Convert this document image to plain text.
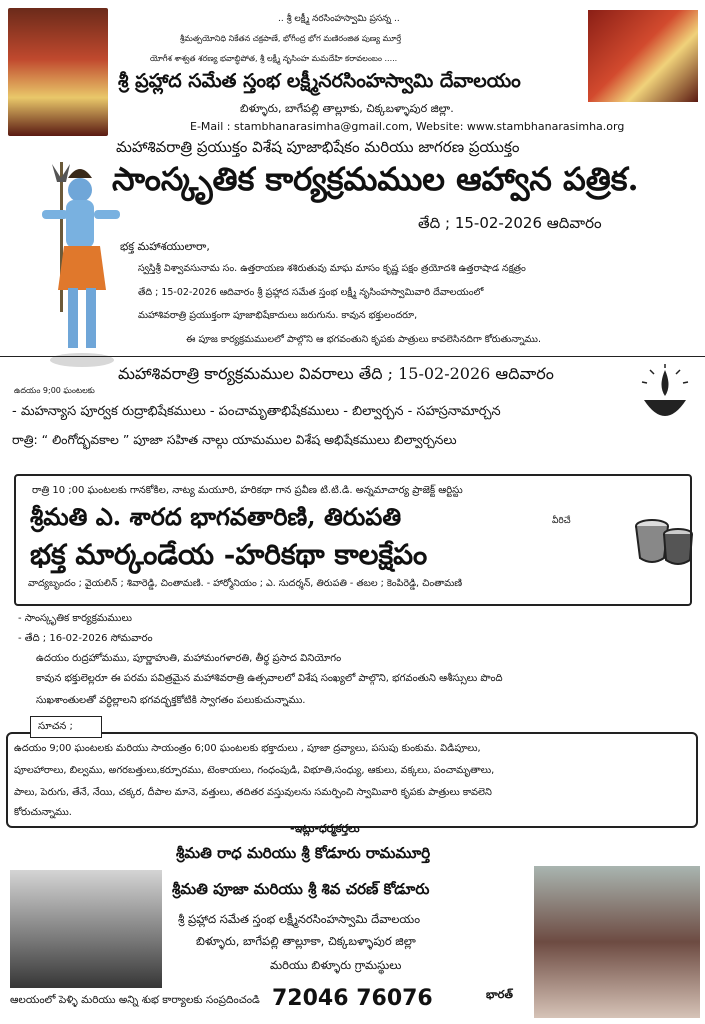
.. శ్రీ లక్ష్మీ నరసింహస్వామి ప్రసన్న ..
శ్రీమత్పయోనిధి నికేతన చక్రపాణే, భోగీంద్ర భోగ మణిరంజిత పుణ్య మూర్తే
యోగీశ శాశ్వత శరణ్య భవాబ్ధిపోత, శ్రీ లక్ష్మీ నృసింహ మమదేహి కరావలంబం .....
శ్రీ ప్రహ్లాద సమేత స్తంభ లక్ష్మీనరసింహస్వామి దేవాలయం
బిళ్ళూరు, బాగేపల్లి తాల్లూకు, చిక్కబళ్ళాపుర జిల్లా.
E-Mail : stambhanarasimha@gmail.com, Website: www.stambhanarasimha.org
మహాశివరాత్రి ప్రయుక్తం విశేష పూజాభిషేకం మరియు జాగరణ ప్రయుక్తం
సాంస్కృతిక కార్యక్రమముల ఆహ్వాన పత్రిక.
తేది ; 15-02-2026 ఆదివారం
భక్త మహాశయులారా,
స్వస్తిశ్రీ విశ్వావసునామ సం. ఉత్తరాయణ శశిరుతువు మాఘ మాసం కృష్ణ పక్షం త్రయోదశి ఉత్తరాషాడ నక్షత్రం
తేది ; 15-02-2026 ఆదివారం శ్రీ ప్రహ్లాద సమేత స్తంభ లక్ష్మీ నృసింహస్వామివారి దేవాలయంలో
మహాశివరాత్రి ప్రయుక్తంగా పూజాభిషేకాదులు జరుగును. కావున భక్తులందరూ,
ఈ పూజ కార్యక్రమములలో పాల్గొని ఆ భగవంతుని కృపకు పాత్రులు కావలెసినదిగా కోరుతున్నాము.
మహాశివరాత్రి కార్యక్రమముల వివరాలు తేది ; 15-02-2026 ఆదివారం
ఉదయం 9;00 ఘంటలకు
- మహన్యాస పూర్వక రుద్రాభిషేకములు - పంచామృతాభిషేకములు - బిల్వార్చన - సహస్రనామార్చన
రాత్రి: “ లింగోద్భవకాల ” పూజా సహిత నాల్గు యామముల విశేష అభిషేకములు బిల్వార్చనలు
రాత్రి 10 ;00 ఘంటలకు గానకోకిల, నాట్య మయూరి, హరికథా గాన ప్రవీణ టి.టి.డి. అన్నమాచార్య ప్రాజెక్ట్ ఆర్టిస్టు
శ్రీమతి ఎ. శారద భాగవతారిణి, తిరుపతి	వీరిచే
భక్త మార్కండేయ -హరికథా కాలక్షేపం
వాద్యబృందం ; వైయలిన్ ; శివారెడ్డి, చింతామణి. - హార్మోనియం ; ఎ. సుదర్శన్, తిరుపతి - తబల ; కెంపిరెడ్డి, చింతామణి
- సాంస్కృతిక కార్యక్రమములు
- తేది ; 16-02-2026 సోమవారం
ఉదయం రుద్రహోమము, పూర్ణాహుతి, మహామంగళారతి, తీర్థ ప్రసాద వినియోగం
కావున భక్తులెల్లరూ ఈ పరమ పవిత్రమైన మహాశివరాత్రి ఉత్సవాలలో విశేష సంఖ్యలో పాల్గొని, భగవంతుని ఆశీస్సులు పొంది
సుఖశాంతులతో వర్ధిల్లాలని భగవద్భక్తకోటికి స్వాగతం పలుకుచున్నాము.
సూచన ;
ఉదయం 9;00 ఘంటలకు మరియు సాయంత్రం 6;00 ఘంటలకు భక్తాదులు , పూజా ద్రవ్యాలు, పసుపు కుంకుమ. విడిపూలు,
పూలహారాలు, బిల్వము, అగరబత్తులు,కర్పూరము, టెంకాయలు, గంధంపుడి, విభూతి,సంధ్యు, ఆకులు, వక్కలు, పంచామృతాలు,
పాలు, పెరుగు, తేనే, నేయి, చక్కర, దీపాల మానె, వత్తులు, తదితర వస్తువులను సమర్పించి స్వామివారి కృపకు పాత్రులు కావలెని
కోరుచున్నాము.
-ఇట్లు-ధర్మకర్తలు
శ్రీమతి రాధ మరియు శ్రీ కోడూరు రామమూర్తి
శ్రీమతి పూజా మరియు శ్రీ శివ చరణ్ కోడూరు
శ్రీ ప్రహ్లాద సమేత స్తంభ లక్ష్మీనరసింహస్వామి దేవాలయం
బిళ్ళూరు, బాగేపల్లి తాల్లూకా, చిక్కబళ్ళాపుర జిల్లా
మరియు బిళ్ళూరు గ్రామస్థులు
ఆలయంలో పెళ్ళి మరియు అన్ని శుభ కార్యాలకు సంప్రదించండి 72046 76076	భారత్
